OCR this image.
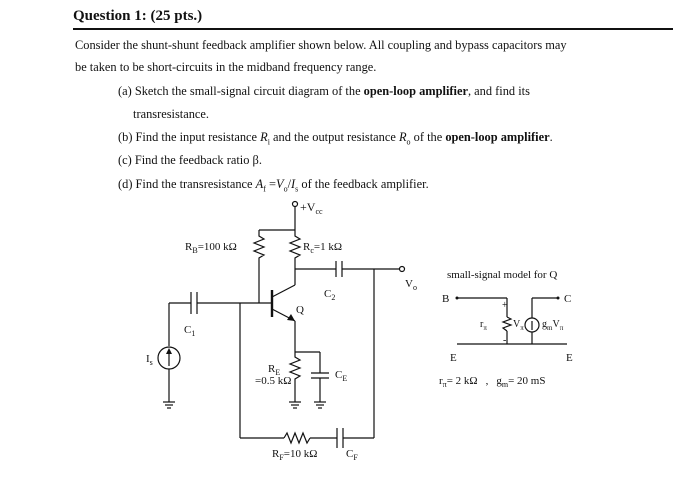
Question 1: (25 pts.)
Consider the shunt-shunt feedback amplifier shown below. All coupling and bypass capacitors may
be taken to be short-circuits in the midband frequency range.
(a) Sketch the small-signal circuit diagram of the open-loop amplifier, and find its
transresistance.
(b) Find the input resistance $R_i$ and the output resistance $R_o$ of the open-loop amplifier.
(c) Find the feedback ratio β.
(d) Find the transresistance $A_f =V_o/I_s$ of the feedback amplifier.
$+V_{cc}$
$R_B=100$ kΩ	$R_c=1$ kΩ
$C_2$
$V_o$
Q
$R_E$
=0.5 kΩ	$C_E$
$C_1$
$I_s$
$R_F=10$ kΩ	$C_F$
small-signal model for Q
B	C
+
$r_\pi$	$V_\pi$
-
$g_mV_\pi$
E	E
$r_\pi= 2$ kΩ , $g_m= 20$ mS
